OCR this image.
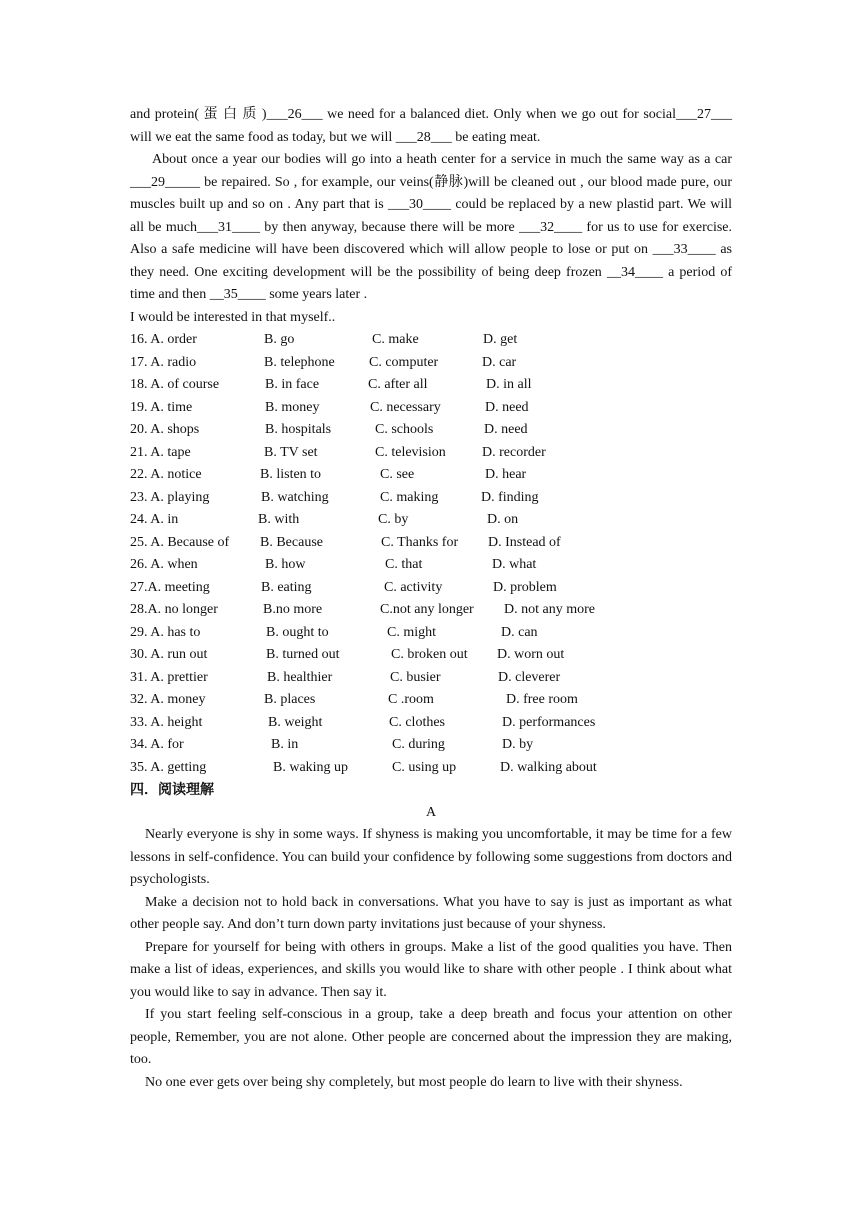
and protein( 蛋 白 质 )___26___ we need for a balanced diet. Only when we go out for social___27___ will we eat the same food as today, but we will ___28___ be eating meat.

About once a year our bodies will go into a heath center for a service in much the same way as a car ___29_____ be repaired. So , for example, our veins(静脉)will be cleaned out , our blood made pure, our muscles built up and so on . Any part that is ___30____ could be replaced by a new plastid part. We will all be much___31____ by then anyway, because there will be more ___32____ for us to use for exercise. Also a safe medicine will have been discovered which will allow people to lose or put on ___33____ as they need. One exciting development will be the possibility of being deep frozen __34____ a period of time and then __35____ some years later .

I would be interested in that myself..

16. A. order	B. go	C. make	D. get
17. A. radio	B. telephone C. computer	D. car
18. A. of course	B. in face	C. after all	D. in all
19. A. time	B. money	C. necessary	D. need
20. A. shops	B. hospitals	C. schools	D. need
21. A. tape	B. TV set	C. television	D. recorder
22. A. notice	B. listen to	C. see	D. hear
23. A. playing	B. watching	C. making	D. finding
24. A. in	B. with	C. by	D. on
25. A. Because of B. Because	C. Thanks for D. Instead of
26. A. when	B. how	C. that	D. what
27.A. meeting	B. eating	C. activity	D. problem
28.A. no longer	B.no more	C.not any longer D. not any more
29. A. has to	B. ought to	C. might	D. can
30. A. run out	B. turned out	C. broken out D. worn out
31. A. prettier	B. healthier	C. busier	D. cleverer
32. A. money	B. places	C .room	D. free room
33. A. height	B. weight	C. clothes	D. performances
34. A. for	B. in	C. during	D. by
35. A. getting	B. waking up	C. using up	D. walking about

四．阅读理解

A

Nearly everyone is shy in some ways. If shyness is making you uncomfortable, it may be time for a few lessons in self-confidence. You can build your confidence by following some suggestions from doctors and psychologists.

Make a decision not to hold back in conversations. What you have to say is just as important as what other people say. And don’t turn down party invitations just because of your shyness.

Prepare for yourself for being with others in groups. Make a list of the good qualities you have. Then make a list of ideas, experiences, and skills you would like to share with other people . I think about what you would like to say in advance. Then say it.

If you start feeling self-conscious in a group, take a deep breath and focus your attention on other people, Remember, you are not alone. Other people are concerned about the impression they are making, too.

No one ever gets over being shy completely, but most people do learn to live with their shyness.
